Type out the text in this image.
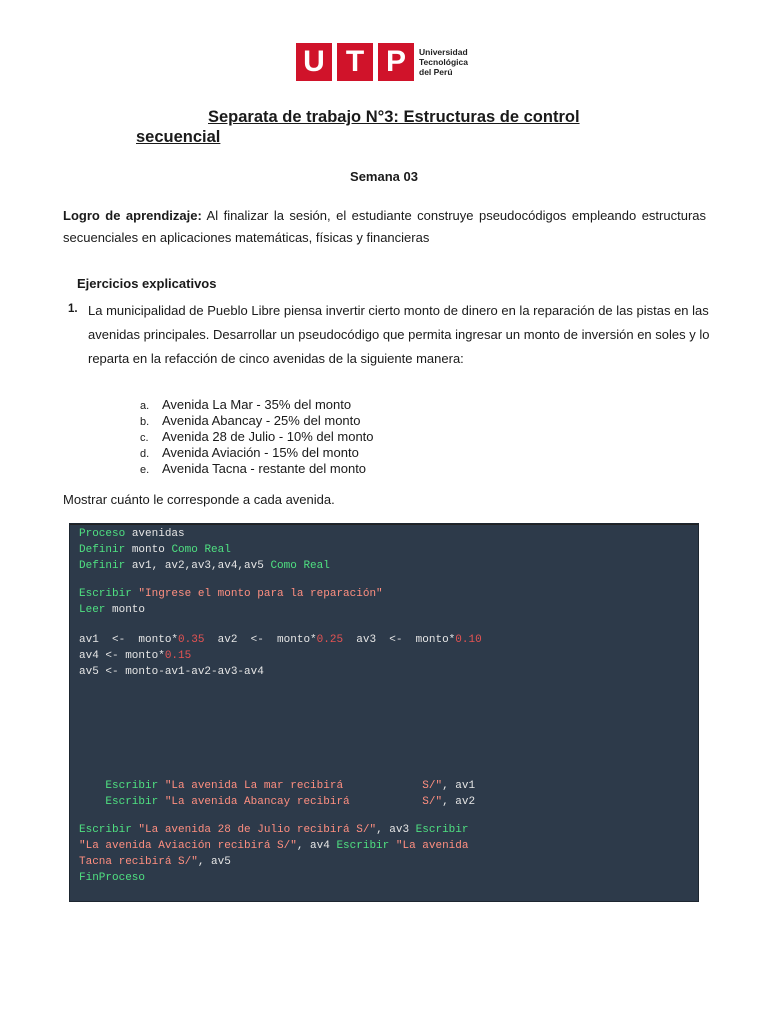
U T P	Universidad
Tecnológica
del Perú
Separata de trabajo N°3: Estructuras de control
secuencial
Semana 03

Logro de aprendizaje: Al finalizar la sesión, el estudiante construye pseudocódigos empleando estructuras secuenciales en aplicaciones matemáticas, físicas y financieras

Ejercicios explicativos
1. La municipalidad de Pueblo Libre piensa invertir cierto monto de dinero en la reparación de las pistas en las avenidas principales. Desarrollar un pseudocódigo que permita ingresar un monto de inversión en soles y lo reparta en la refacción de cinco avenidas de la siguiente manera:

a. Avenida La Mar - 35% del monto
b. Avenida Abancay - 25% del monto
c. Avenida 28 de Julio - 10% del monto
d. Avenida Aviación - 15% del monto
e. Avenida Tacna - restante del monto
Mostrar cuánto le corresponde a cada avenida.
Proceso avenidas
Definir monto Como Real
Definir av1, av2,av3,av4,av5 Como Real
Escribir "Ingrese el monto para la reparación"
Leer monto
av1  <-  monto*0.35  av2  <-  monto*0.25  av3  <-  monto*0.10
av4 <- monto*0.15
av5 <- monto-av1-av2-av3-av4
Escribir "La avenida La mar recibirá            S/", av1
Escribir "La avenida Abancay recibirá           S/", av2
Escribir "La avenida 28 de Julio recibirá S/", av3 Escribir
"La avenida Aviación recibirá S/", av4 Escribir "La avenida
Tacna recibirá S/", av5
FinProceso
